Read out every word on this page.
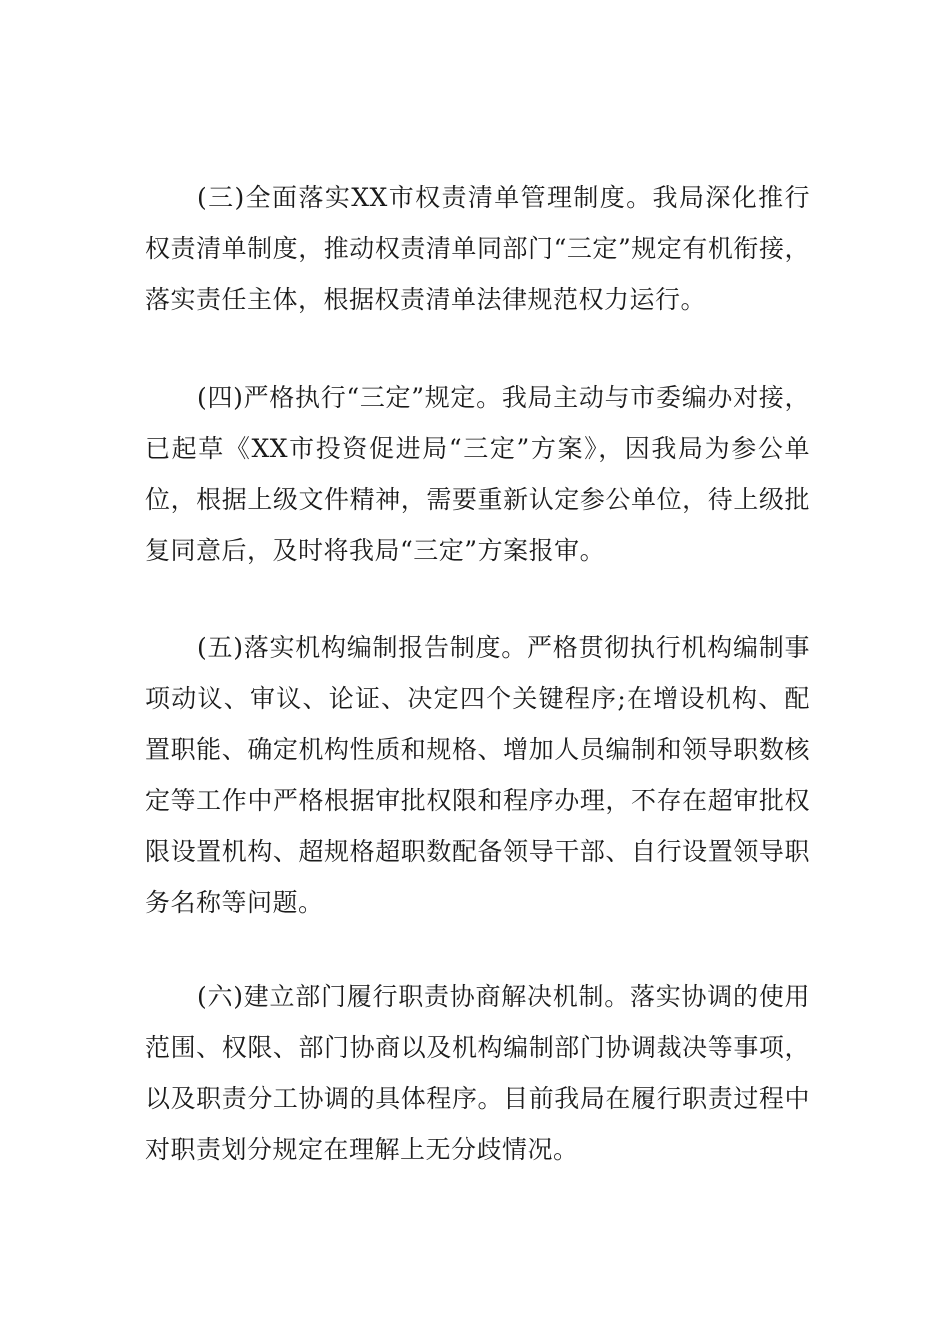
(三)全面落实XX市权责清单管理制度。我局深化推行权责清单制度，推动权责清单同部门“三定”规定有机衔接，落实责任主体，根据权责清单法律规范权力运行。

(四)严格执行“三定”规定。我局主动与市委编办对接，已起草《XX市投资促进局“三定”方案》，因我局为参公单位，根据上级文件精神，需要重新认定参公单位，待上级批复同意后，及时将我局“三定”方案报审。

(五)落实机构编制报告制度。严格贯彻执行机构编制事项动议、审议、论证、决定四个关键程序;在增设机构、配置职能、确定机构性质和规格、增加人员编制和领导职数核定等工作中严格根据审批权限和程序办理，不存在超审批权限设置机构、超规格超职数配备领导干部、自行设置领导职务名称等问题。

(六)建立部门履行职责协商解决机制。落实协调的使用范围、权限、部门协商以及机构编制部门协调裁决等事项，以及职责分工协调的具体程序。目前我局在履行职责过程中对职责划分规定在理解上无分歧情况。
